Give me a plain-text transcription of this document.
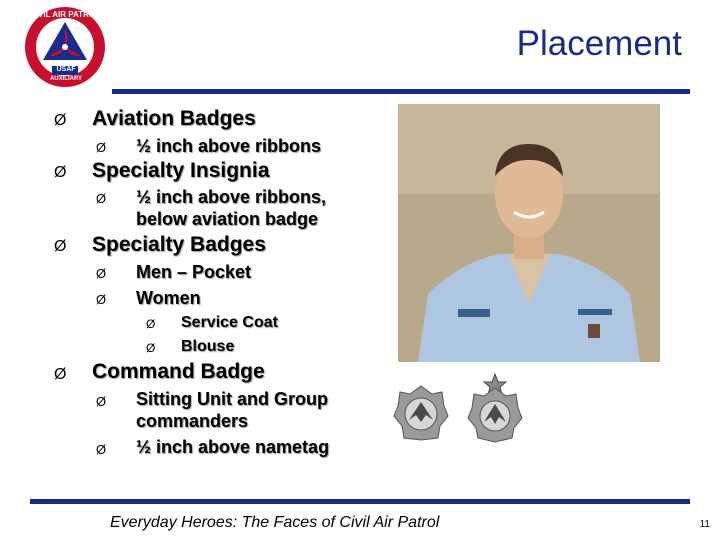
CIVIL AIR PATROL
USAF
AUXILIARY
Placement
Ø Aviation Badges
Ø ½ inch above ribbons
Ø Specialty Insignia
Ø ½ inch above ribbons,
below aviation badge
Ø Specialty Badges
Ø Men – Pocket
Ø Women
Ø Service Coat
Ø Blouse
Ø Command Badge
Ø Sitting Unit and Group
commanders
Ø ½ inch above nametag
Everyday Heroes: The Faces of Civil Air Patrol	11
